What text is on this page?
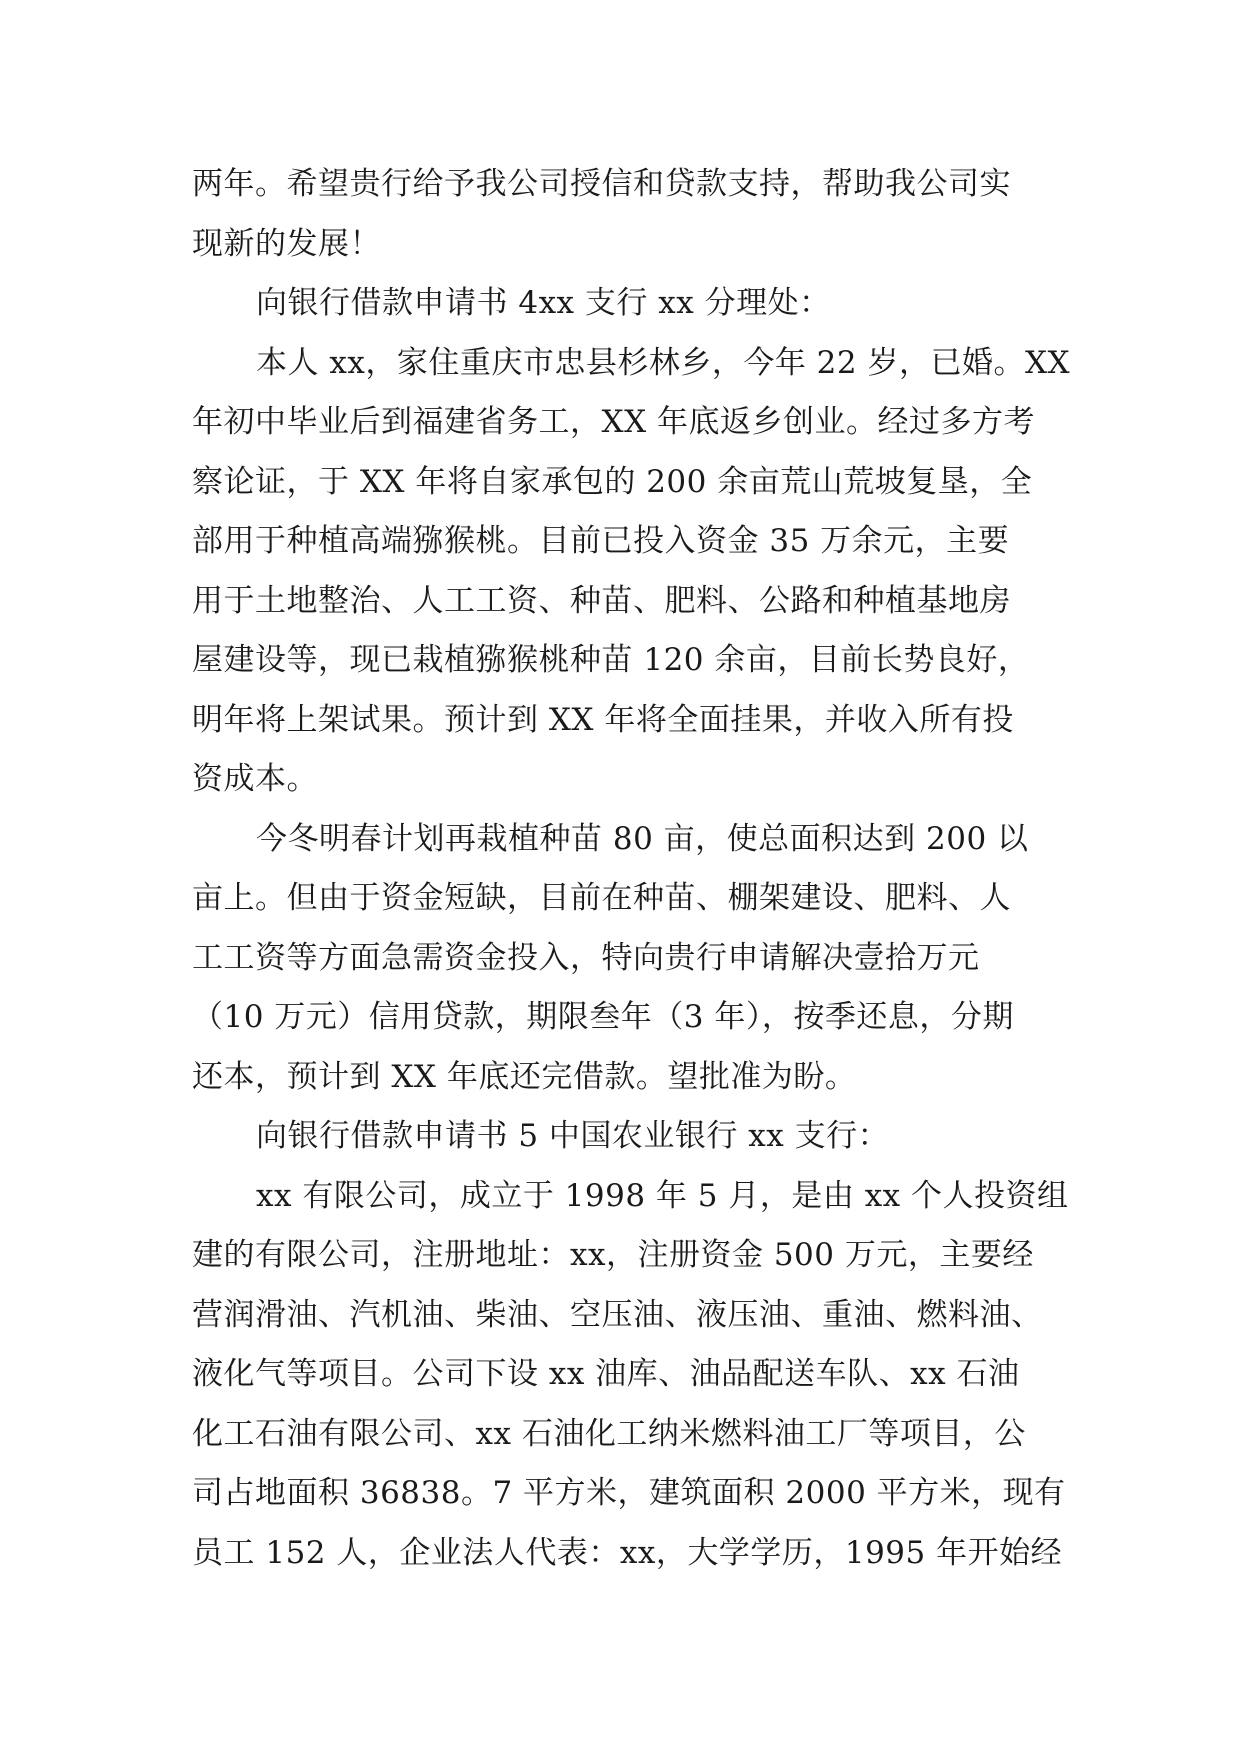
两年。希望贵行给予我公司授信和贷款支持，帮助我公司实
现新的发展！
向银行借款申请书 4xx 支行 xx 分理处：
本人 xx，家住重庆市忠县杉林乡，今年 22 岁，已婚。XX
年初中毕业后到福建省务工，XX 年底返乡创业。经过多方考
察论证，于 XX 年将自家承包的 200 余亩荒山荒坡复垦，全
部用于种植高端猕猴桃。目前已投入资金 35 万余元，主要
用于土地整治、人工工资、种苗、肥料、公路和种植基地房
屋建设等，现已栽植猕猴桃种苗 120 余亩，目前长势良好，
明年将上架试果。预计到 XX 年将全面挂果，并收入所有投
资成本。
今冬明春计划再栽植种苗 80 亩，使总面积达到 200 以
亩上。但由于资金短缺，目前在种苗、棚架建设、肥料、人
工工资等方面急需资金投入，特向贵行申请解决壹拾万元
（10 万元）信用贷款，期限叁年（3 年），按季还息，分期
还本，预计到 XX 年底还完借款。望批准为盼。
向银行借款申请书 5 中国农业银行 xx 支行：
xx 有限公司，成立于 1998 年 5 月，是由 xx 个人投资组
建的有限公司，注册地址：xx，注册资金 500 万元，主要经
营润滑油、汽机油、柴油、空压油、液压油、重油、燃料油、
液化气等项目。公司下设 xx 油库、油品配送车队、xx 石油
化工石油有限公司、xx 石油化工纳米燃料油工厂等项目，公
司占地面积 36838。7 平方米，建筑面积 2000 平方米，现有
员工 152 人，企业法人代表：xx，大学学历，1995 年开始经
